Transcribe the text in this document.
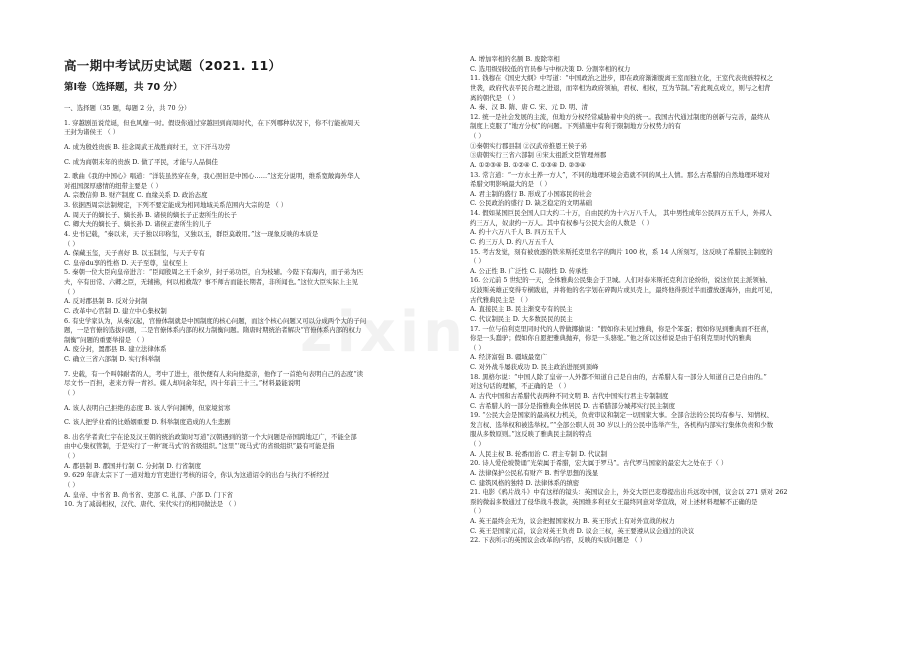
zixin
高一期中考试历史试题（2021. 11）
第Ⅰ卷（选择题，共 70 分）
一、选择题（35 题，每题 2 分，共 70 分）
1. 穿越剧虽说荒诞，但也风靡一时。假设你通过穿越回到商周时代，在下列哪种状况下，你不行能被周天
王封为诸侯王 （ ）
A. 成为殷姓贵族 B. 挂念周武王战胜商纣王，立下汗马功劳
C. 成为商朝末年的贵族 D. 做了平民，才能与人品俱佳
2. 歌曲《我的中国心》唱道：“洋装虽然穿在身，我心照旧是中国心……”这充分说明，维系宽敞海外华人
对祖国深厚感情的纽带主要是（ ）
A. 宗教信仰 B. 财产制度 C. 血缘关系 D. 政治态度
3. 依据西周宗法制规定，下列不要定能成为相同地域关系范围内大宗的是 （ ）
A. 周天子的嫡长子、嫡长孙 B. 诸侯的嫡长子正妻所生的长子
C. 卿大夫的嫡长子、嫡长孙 D. 诸侯正妻所生的儿子
4. 史书记载，“秦以来，天子独以印称玺，又独以玉，群臣莫敢用。”这一现象反映的本质是
（ ）
A. 保藏玉玺，天子喜好 B. 以玉制玺，与天子专有
C. 皇帝du享的性格 D. 天子至尊，皇权至上
5. 秦朝一位大臣向皇帝进言：“臣闻殷周之王千余岁，封子弟功臣，自为枝辅。今陛下有海内，而子弟为匹
夫，卒有田常、六卿之臣，无辅拂，何以相救哉？事不师古而能长期者，非所闻也。”这位大臣实际上主见
（ ）
A. 反对郡县制 B. 反对分封制
C. 改革中心官制 D. 建立中心集权制
6. 有史学家认为，从秦汉起，官僚体制就是中国制度的核心问题，而这个核心问题又可以分成两个大的子问
题，一是官僚的选拔问题，二是官僚体系内部的权力制衡问题。隋唐时期统治者解决“官僚体系内部的权力
制衡”问题的重要举措是 （ ）
A. 废分封，置郡县 B. 建立法律体系
C. 确立三省六部制 D. 实行科举制
7. 史载，有一个叫韩耐者的人，考中了进士，很快便有人来向他提亲，他作了一首绝句表明自己的态度“读
尽文书一百担，老来方得一青衫。媒人却问余年纪，四十年前三十三。”材料最能说明
（ ）
A. 该人表明自己拒绝的态度 B. 该人学问渊博，但家境贫寒
C. 该人把学业看的比婚姻重要 D. 科举制度造成的人生悲剧
8. 出名学者黄仁宇在论及汉王朝的统治政策时写道“汉朝遇到的第一个大问题是帝国跨地辽广，不能全部
由中心集权管制，于是实行了一种‘斑马式’的省级组织。”这里“‘斑马式’的省级组织”最有可能是指
（ ）
A. 郡县制 B. 郡国并行制 C. 分封制 D. 行省制度
9. 629 年唐太宗下了一道对地方官吏进行考核的诏令，你认为这道诏令的出台与执行不析经过
（ ）
A. 皇帝、中书省 B. 尚书省、吏部 C. 礼部、户部 D. 门下省
10. 为了减弱相权，汉代、唐代、宋代实行的相同做法是 （ ）
A. 增加宰相的名额 B. 废除宰相
C. 选用级别较低的官员参与中枢决策 D. 分割宰相的权力
11. 钱穆在《国史大纲》中写道：“中国政治之进步，即在政府渐渐脱离王室而独立化，王室代表贵族特权之
世袭，政府代表平民合理之进退，而宰相为政府领袖，君权、相权，互为节制。”若此观点成立，则与之相背
离的朝代是 （ ）
A. 秦、汉 B. 隋、唐 C. 宋、元 D. 明、清
12. 统一是社会发展的主流，但地方分权经常威胁着中央的统一。我国古代通过制度的创新与完善，最终从
制度上克服了“地方分权”的问题。下列措施中有利于限制地方分权势力的有
（ ）
①秦朝实行郡县制 ②汉武帝推恩王侯子弟
③唐朝实行三省六部制 ④宋太祖派文臣管理州郡
A. ①②③④ B. ①②④ C. ①③④ D. ②③④
13. 常言道：“一方水土养一方人”，不同的地理环境会造就不同的风土人情。那么古希腊的自然地理环境对
希腊文明影响最大的是 （ ）
A. 君主制的盛行 B. 形成了小国寡民的社会
C. 公民政治的盛行 D. 缺乏稳定的文明基础
14. 假如某国巨民全国人口大约二十万，自由民约为十六万八千人， 其中男性成年公民四万五千人，外邦人
约三万人，奴隶约一万人。其中有权参与公民大会的人数是 （ ）
A. 约十六万八千人 B. 四万五千人
C. 约三万人 D. 约八万五千人
15. 考古发觉，刻有被放逐的铁米斯托克里名字的陶片 100 枚，系 14 人所刻写，这反映了希腊民主制度的
（ ）
A. 公正性 B. 广泛性 C. 局限性 D. 传承性
16. 公元前 5 世纪的一天，全体雅典公民集会于卫城。人们对泰米斯托克利言论纷纷，说这位民主派领袖、
反波斯英雄正变得专横跋扈，并将他的名字划在碎陶片或贝壳上，最终他得票过半而遭放逐海外，由此可见，
古代雅典民主是 （ ）
A. 直接民主 B. 民主渐变专有的民主
C. 代议制民主 D. 大多数民民的民主
17. 一位与伯利克里同时代的人曾做揶揄说：“假如你未见过雅典，你是个笨蛋；假如你见到雅典而不狂喜，
你是一头蠢驴；假如你自愿把雅典抛弃，你是一头骆驼。”他之所以这样说是由于伯利克里时代的雅典
（ ）
A. 经济富强 B. 疆域最宽广
C. 对外战斗屡获成功 D. 民主政治进展到顶峰
18. 黑格尔说：“中国人除了皇帝一人外都不知道自己是自由的，古希腊人有一部分人知道自己是自由的。”
对这句话的理解，不正确的是 （ ）
A. 古代中国和古希腊代表两种不同文明 B. 古代中国实行君主专制制度
C. 古希腊人的一部分是指雅典全体居民 D. 古希腊部分城邦实行民主制度
19. “公民大会是国家的最高权力机关，负责审议和制定一切国家大事。全部合法的公民均有参与、知情权、
发言权、选举权和被选举权。”“全部公职人员 30 岁以上的公民中选举产生，各机构内部实行集体负责和少数
服从多数原则。”这反映了雅典民主制的特点
（ ）
A. 人民主权 B. 轮番而治 C. 君主专制 D. 代议制
20. 诗人爱伦坡赞诵“光荣属于希腊，宏大属于罗马”。古代罗马国家的最宏大之处在于（ ）
A. 法律保护公民私有财产 B. 哲学思想的浅显
C. 建筑风格的独特 D. 法律体系的缜密
21. 电影《鸦片战斗》中有这样的镜头：英国议会上，外交大臣巴麦尊提出出兵远攻中国，议会以 271 票对 262
票的微弱多数通过了侵华战斗拨款，英国维多利亚女王最终同意对华宣战，对上述材料理解不正确的是
（ ）
A. 英王最终会无为，议会把握国家权力 B. 英王形式上有对外宣战的权力
C. 英王是国家元首，议会对英王负责 D. 议会三权，英王要遵从议会通过的决议
22. 下表所示的英国议会改革的内容，反映的实质问题是 （ ）
